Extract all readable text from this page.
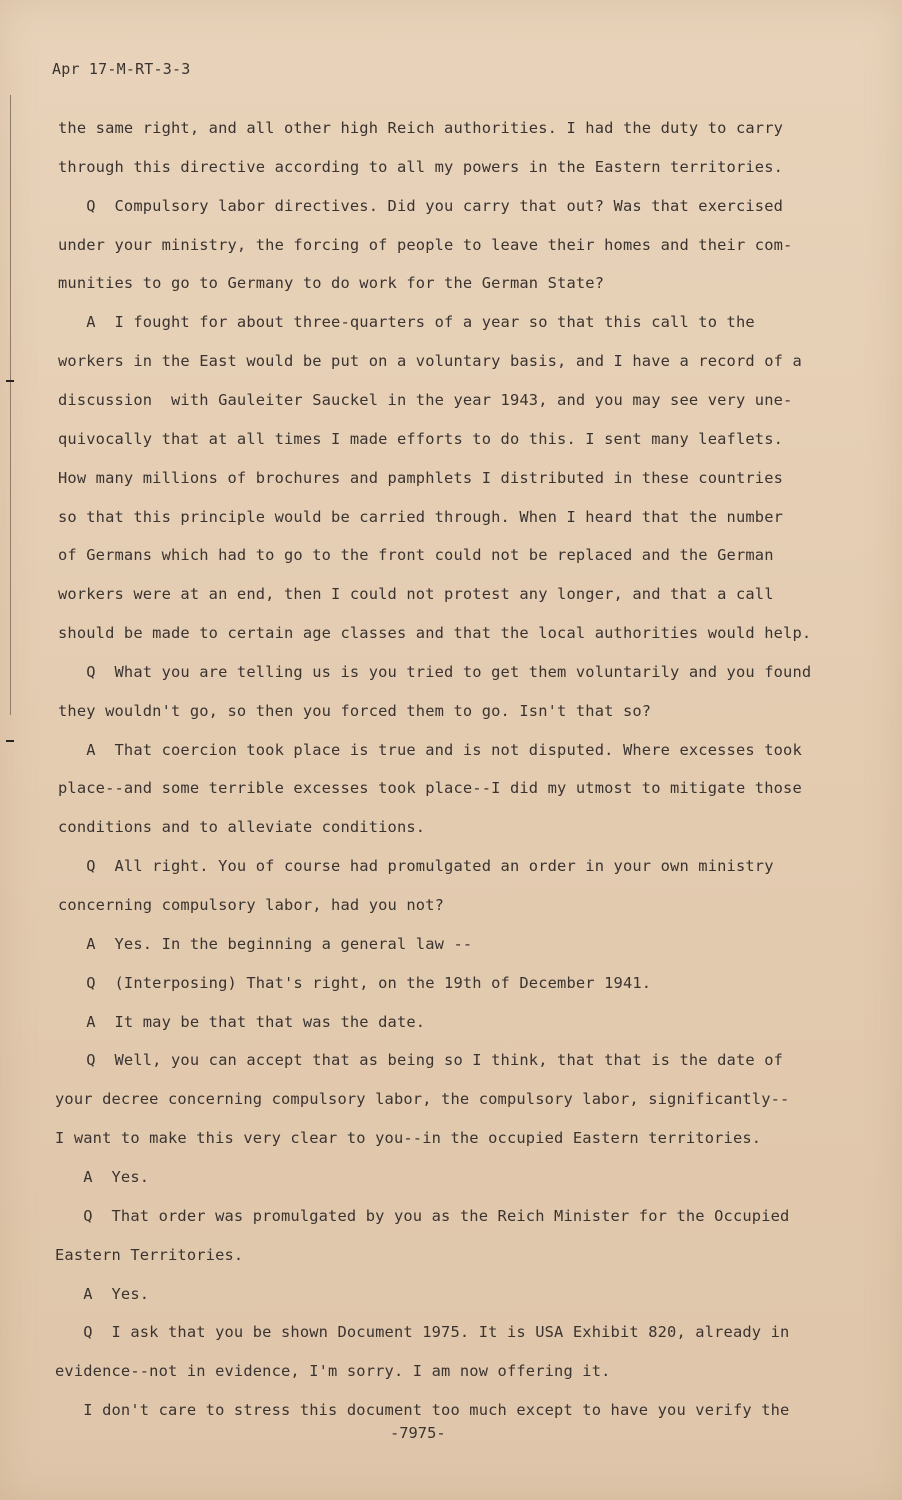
Apr 17-M-RT-3-3
the same right, and all other high Reich authorities. I had the duty to carry
through this directive according to all my powers in the Eastern territories.
Q  Compulsory labor directives. Did you carry that out? Was that exercised
under your ministry, the forcing of people to leave their homes and their com-
munities to go to Germany to do work for the German State?
A  I fought for about three-quarters of a year so that this call to the
workers in the East would be put on a voluntary basis, and I have a record of a
discussion  with Gauleiter Sauckel in the year 1943, and you may see very une-
quivocally that at all times I made efforts to do this. I sent many leaflets.
How many millions of brochures and pamphlets I distributed in these countries
so that this principle would be carried through. When I heard that the number
of Germans which had to go to the front could not be replaced and the German
workers were at an end, then I could not protest any longer, and that a call
should be made to certain age classes and that the local authorities would help.
Q  What you are telling us is you tried to get them voluntarily and you found
they wouldn't go, so then you forced them to go. Isn't that so?
A  That coercion took place is true and is not disputed. Where excesses took
place--and some terrible excesses took place--I did my utmost to mitigate those
conditions and to alleviate conditions.
Q  All right. You of course had promulgated an order in your own ministry
concerning compulsory labor, had you not?
A  Yes. In the beginning a general law --
Q  (Interposing) That's right, on the 19th of December 1941.
A  It may be that that was the date.
Q  Well, you can accept that as being so I think, that that is the date of
your decree concerning compulsory labor, the compulsory labor, significantly--
I want to make this very clear to you--in the occupied Eastern territories.
A  Yes.
Q  That order was promulgated by you as the Reich Minister for the Occupied
Eastern Territories.
A  Yes.
Q  I ask that you be shown Document 1975. It is USA Exhibit 820, already in
evidence--not in evidence, I'm sorry. I am now offering it.
I don't care to stress this document too much except to have you verify the
-7975-
